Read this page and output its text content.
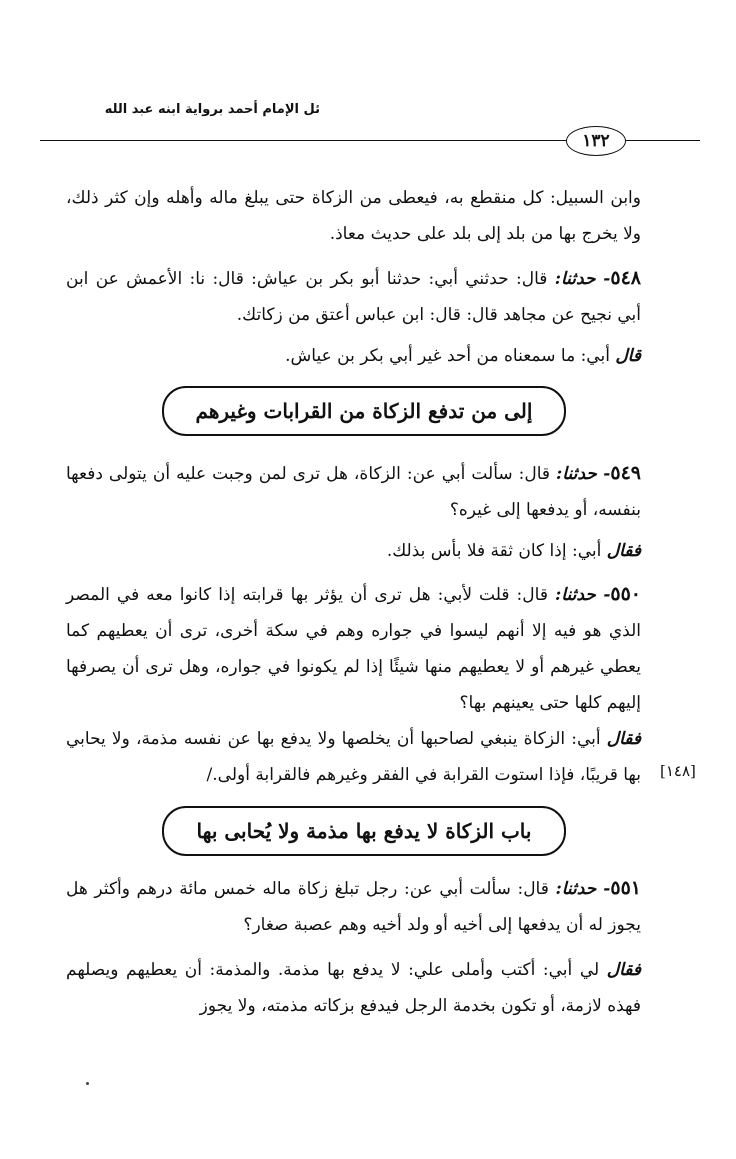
ئل الإمام أحمد برواية ابنه عبد الله
١٣٢
وابن السبيل: كل منقطع به، فيعطى من الزكاة حتى يبلغ ماله وأهله وإن كثر ذلك، ولا يخرج بها من بلد إلى بلد على حديث معاذ.
٥٤٨- حدثنا: قال: حدثني أبي: حدثنا أبو بكر بن عياش: قال: نا: الأعمش عن ابن أبي نجيح عن مجاهد قال: قال: ابن عباس أعتق من زكاتك.
قال أبي: ما سمعناه من أحد غير أبي بكر بن عياش.
إلى من تدفع الزكاة من القرابات وغيرهم
٥٤٩- حدثنا: قال: سألت أبي عن: الزكاة، هل ترى لمن وجبت عليه أن يتولى دفعها بنفسه، أو يدفعها إلى غيره؟
فقال أبي: إذا كان ثقة فلا بأس بذلك.
٥٥٠- حدثنا: قال: قلت لأبي: هل ترى أن يؤثر بها قرابته إذا كانوا معه في المصر الذي هو فيه إلا أنهم ليسوا في جواره وهم في سكة أخرى، ترى أن يعطيهم كما يعطي غيرهم أو لا يعطيهم منها شيئًا إذا لم يكونوا في جواره، وهل ترى أن يصرفها إليهم كلها حتى يعينهم بها؟
فقال أبي: الزكاة ينبغي لصاحبها أن يخلصها ولا يدفع بها عن نفسه مذمة، ولا يحابي بها قريبًا، فإذا استوت القرابة في الفقر وغيرهم فالقرابة أولى./ [١٤٨]
باب الزكاة لا يدفع بها مذمة ولا يُحابى بها
٥٥١- حدثنا: قال: سألت أبي عن: رجل تبلغ زكاة ماله خمس مائة درهم وأكثر هل يجوز له أن يدفعها إلى أخيه أو ولد أخيه وهم عصبة صغار؟
فقال لي أبي: أكتب وأملى علي: لا يدفع بها مذمة. والمذمة: أن يعطيهم ويصلهم فهذه لازمة، أو تكون بخدمة الرجل فيدفع بزكاته مذمته، ولا يجوز
